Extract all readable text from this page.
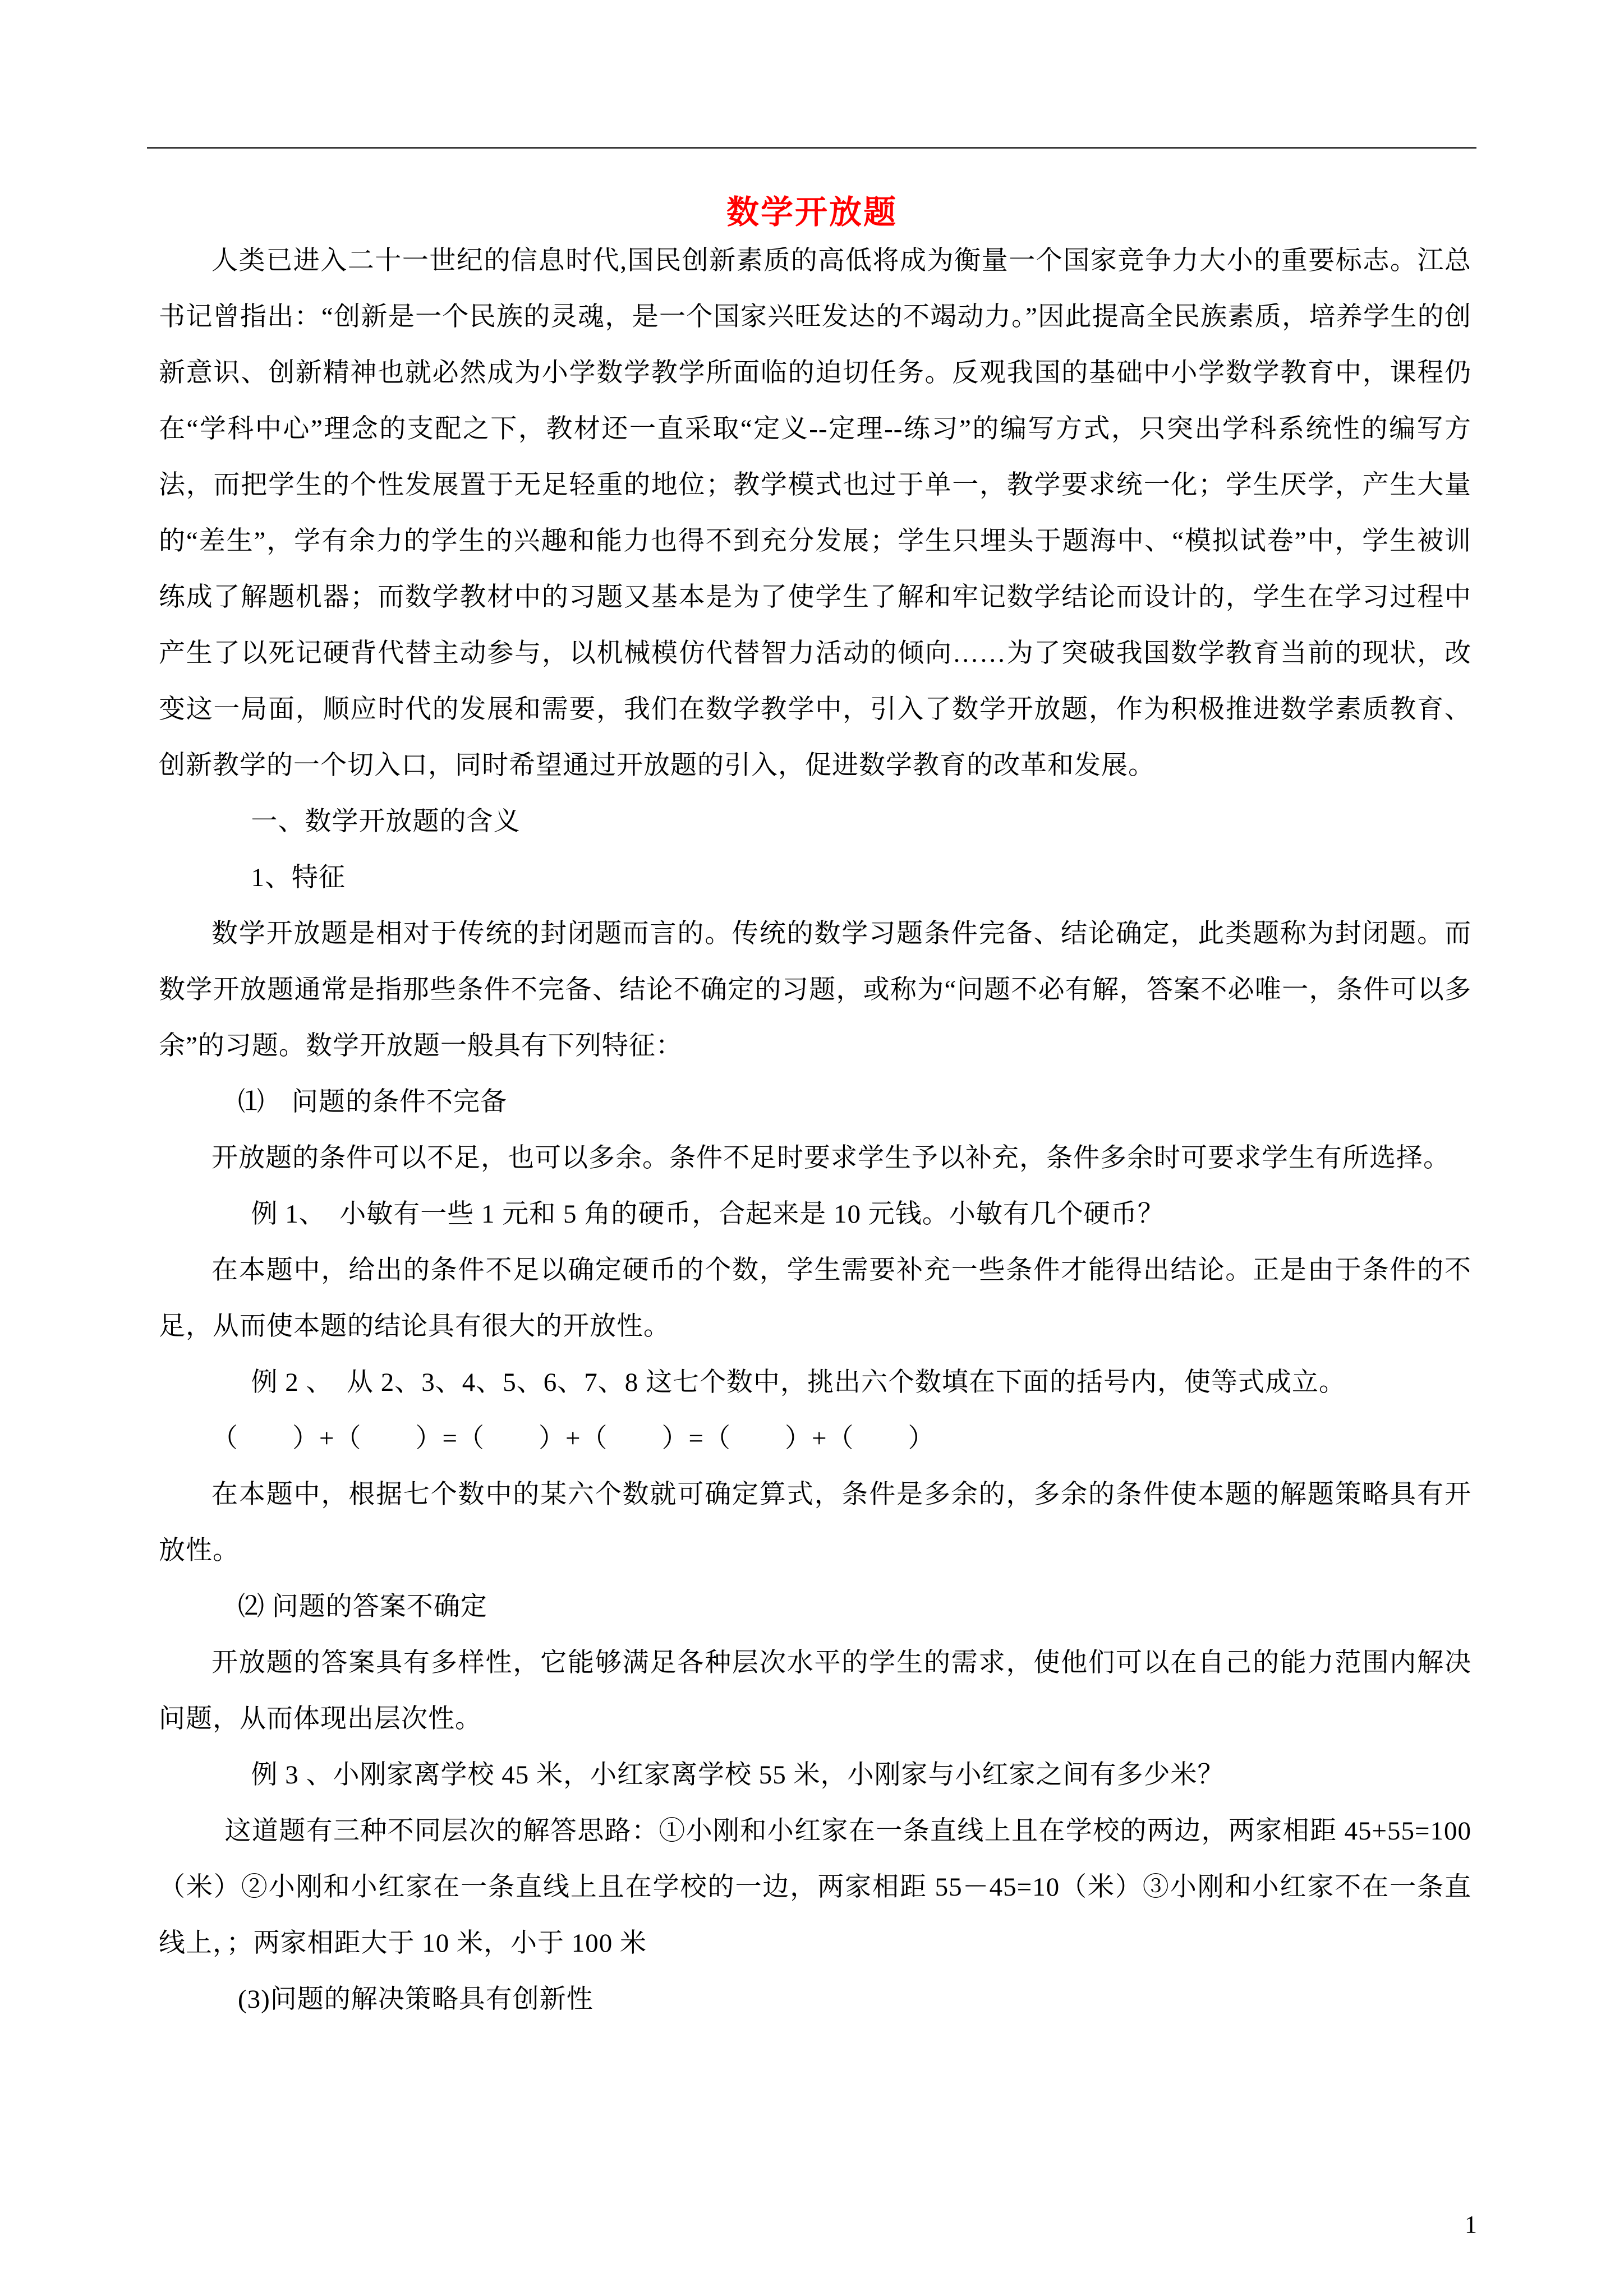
数学开放题

人类已进入二十一世纪的信息时代,国民创新素质的高低将成为衡量一个国家竞争力大小的重要标志。江总书记曾指出：“创新是一个民族的灵魂，是一个国家兴旺发达的不竭动力。”因此提高全民族素质，培养学生的创新意识、创新精神也就必然成为小学数学教学所面临的迫切任务。反观我国的基础中小学数学教育中，课程仍在“学科中心”理念的支配之下，教材还一直采取“定义--定理--练习”的编写方式，只突出学科系统性的编写方法，而把学生的个性发展置于无足轻重的地位；教学模式也过于单一，教学要求统一化；学生厌学，产生大量的“差生”，学有余力的学生的兴趣和能力也得不到充分发展；学生只埋头于题海中、“模拟试卷”中，学生被训练成了解题机器；而数学教材中的习题又基本是为了使学生了解和牢记数学结论而设计的，学生在学习过程中产生了以死记硬背代替主动参与，以机械模仿代替智力活动的倾向……为了突破我国数学教育当前的现状，改变这一局面，顺应时代的发展和需要，我们在数学教学中，引入了数学开放题，作为积极推进数学素质教育、创新教学的一个切入口，同时希望通过开放题的引入，促进数学教育的改革和发展。

一、数学开放题的含义

1、特征

数学开放题是相对于传统的封闭题而言的。传统的数学习题条件完备、结论确定，此类题称为封闭题。而数学开放题通常是指那些条件不完备、结论不确定的习题，或称为“问题不必有解，答案不必唯一，条件可以多余”的习题。数学开放题一般具有下列特征：

⑴　问题的条件不完备

开放题的条件可以不足，也可以多余。条件不足时要求学生予以补充，条件多余时可要求学生有所选择。

例 1、　小敏有一些 1 元和 5 角的硬币，合起来是 10 元钱。小敏有几个硬币？

在本题中，给出的条件不足以确定硬币的个数，学生需要补充一些条件才能得出结论。正是由于条件的不足，从而使本题的结论具有很大的开放性。

例 2 、　从 2、3、4、5、6、7、8 这七个数中，挑出六个数填在下面的括号内，使等式成立。

（　　）+（　　）=（　　）+（　　）=（　　）+（　　）

在本题中，根据七个数中的某六个数就可确定算式，条件是多余的，多余的条件使本题的解题策略具有开放性。

⑵ 问题的答案不确定

开放题的答案具有多样性，它能够满足各种层次水平的学生的需求，使他们可以在自己的能力范围内解决问题，从而体现出层次性。

例 3 、小刚家离学校 45 米，小红家离学校 55 米，小刚家与小红家之间有多少米？

这道题有三种不同层次的解答思路：①小刚和小红家在一条直线上且在学校的两边，两家相距 45+55=100（米）②小刚和小红家在一条直线上且在学校的一边，两家相距 55－45=10（米）③小刚和小红家不在一条直线上，；两家相距大于 10 米，小于 100 米

(3)问题的解决策略具有创新性

1
